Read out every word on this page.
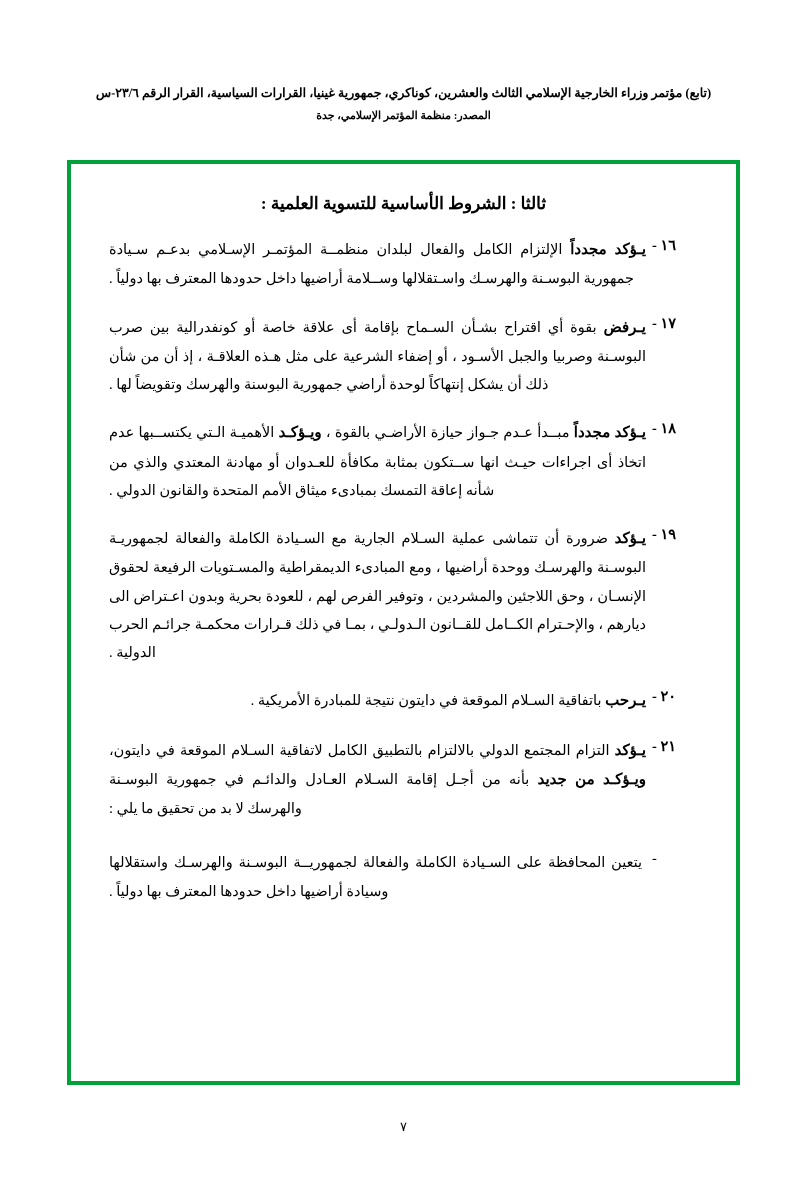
(تابع) مؤتمر وزراء الخارجية الإسلامي الثالث والعشرين، كوناكري، جمهورية غينيا، القرارات السياسية، القرار الرقم ٢٣/٦-س
المصدر: منظمة المؤتمر الإسلامي، جدة
ثالثا : الشروط الأساسية للتسوية العلمية :
١٦ -
يـؤكد مجدداً الإلتزام الكامل والفعال لبلدان منظمــة المؤتمـر الإسـلامي بدعـم سـيادة جمهورية البوسـنة والهرسـك واسـتقلالها وســلامة أراضيها داخل حدودها المعترف بها دولياً .
١٧ -
يـرفض بقوة أي اقتراح بشـأن السـماح بإقامة أى علاقة خاصة أو كونفدرالية بين صرب البوسـنة وصربيا والجبل الأسـود ، أو إضفاء الشرعية على مثل هـذه العلاقـة ، إذ أن من شأن ذلك أن يشكل إنتهاكاً لوحدة أراضي جمهورية البوسنة والهرسك وتقويضاً لها .
١٨ -
يـؤكد مجدداً مبــدأ عـدم جـواز حيازة الأراضـي بالقوة ، ويـؤكـد الأهميـة الـتي يكتســبها عدم اتخاذ أى اجراءات حيـث انها ســتكون بمثابة مكافأة للعـدوان أو مهادنة المعتدي والذي من شأنه إعاقة التمسك بمبادىء ميثاق الأمم المتحدة والقانون الدولي .
١٩ -
يـؤكد ضرورة أن تتماشى عملية السـلام الجارية مع السـيادة الكاملة والفعالة لجمهوريـة البوسـنة والهرسـك ووحدة أراضيها ، ومع المبادىء الديمقراطية والمسـتويات الرفيعة لحقوق الإنسـان ، وحق اللاجئين والمشردين ، وتوفير الفرص لهم ، للعودة بحرية وبدون اعـتراض الى ديارهم ، والإحـترام الكــامل للقــانون الـدولـي ، بمـا في ذلك قـرارات محكمـة جرائـم الحرب الدولية .
٢٠ -
يـرحب باتفاقية السـلام الموقعة في دايتون نتيجة للمبادرة الأمريكية .
٢١ -
يـؤكد التزام المجتمع الدولي بالالتزام بالتطبيق الكامل لاتفاقية السـلام الموقعة في دايتون، ويـؤكـد من جديد بأنه من أجـل إقامة السـلام العـادل والدائـم في جمهورية البوسـنة والهرسك لا بد من تحقيق ما يلي :
-
يتعين المحافظة على السـيادة الكاملة والفعالة لجمهوريــة البوسـنة والهرسـك واستقلالها وسيادة أراضيها داخل حدودها المعترف بها دولياً .
٧
